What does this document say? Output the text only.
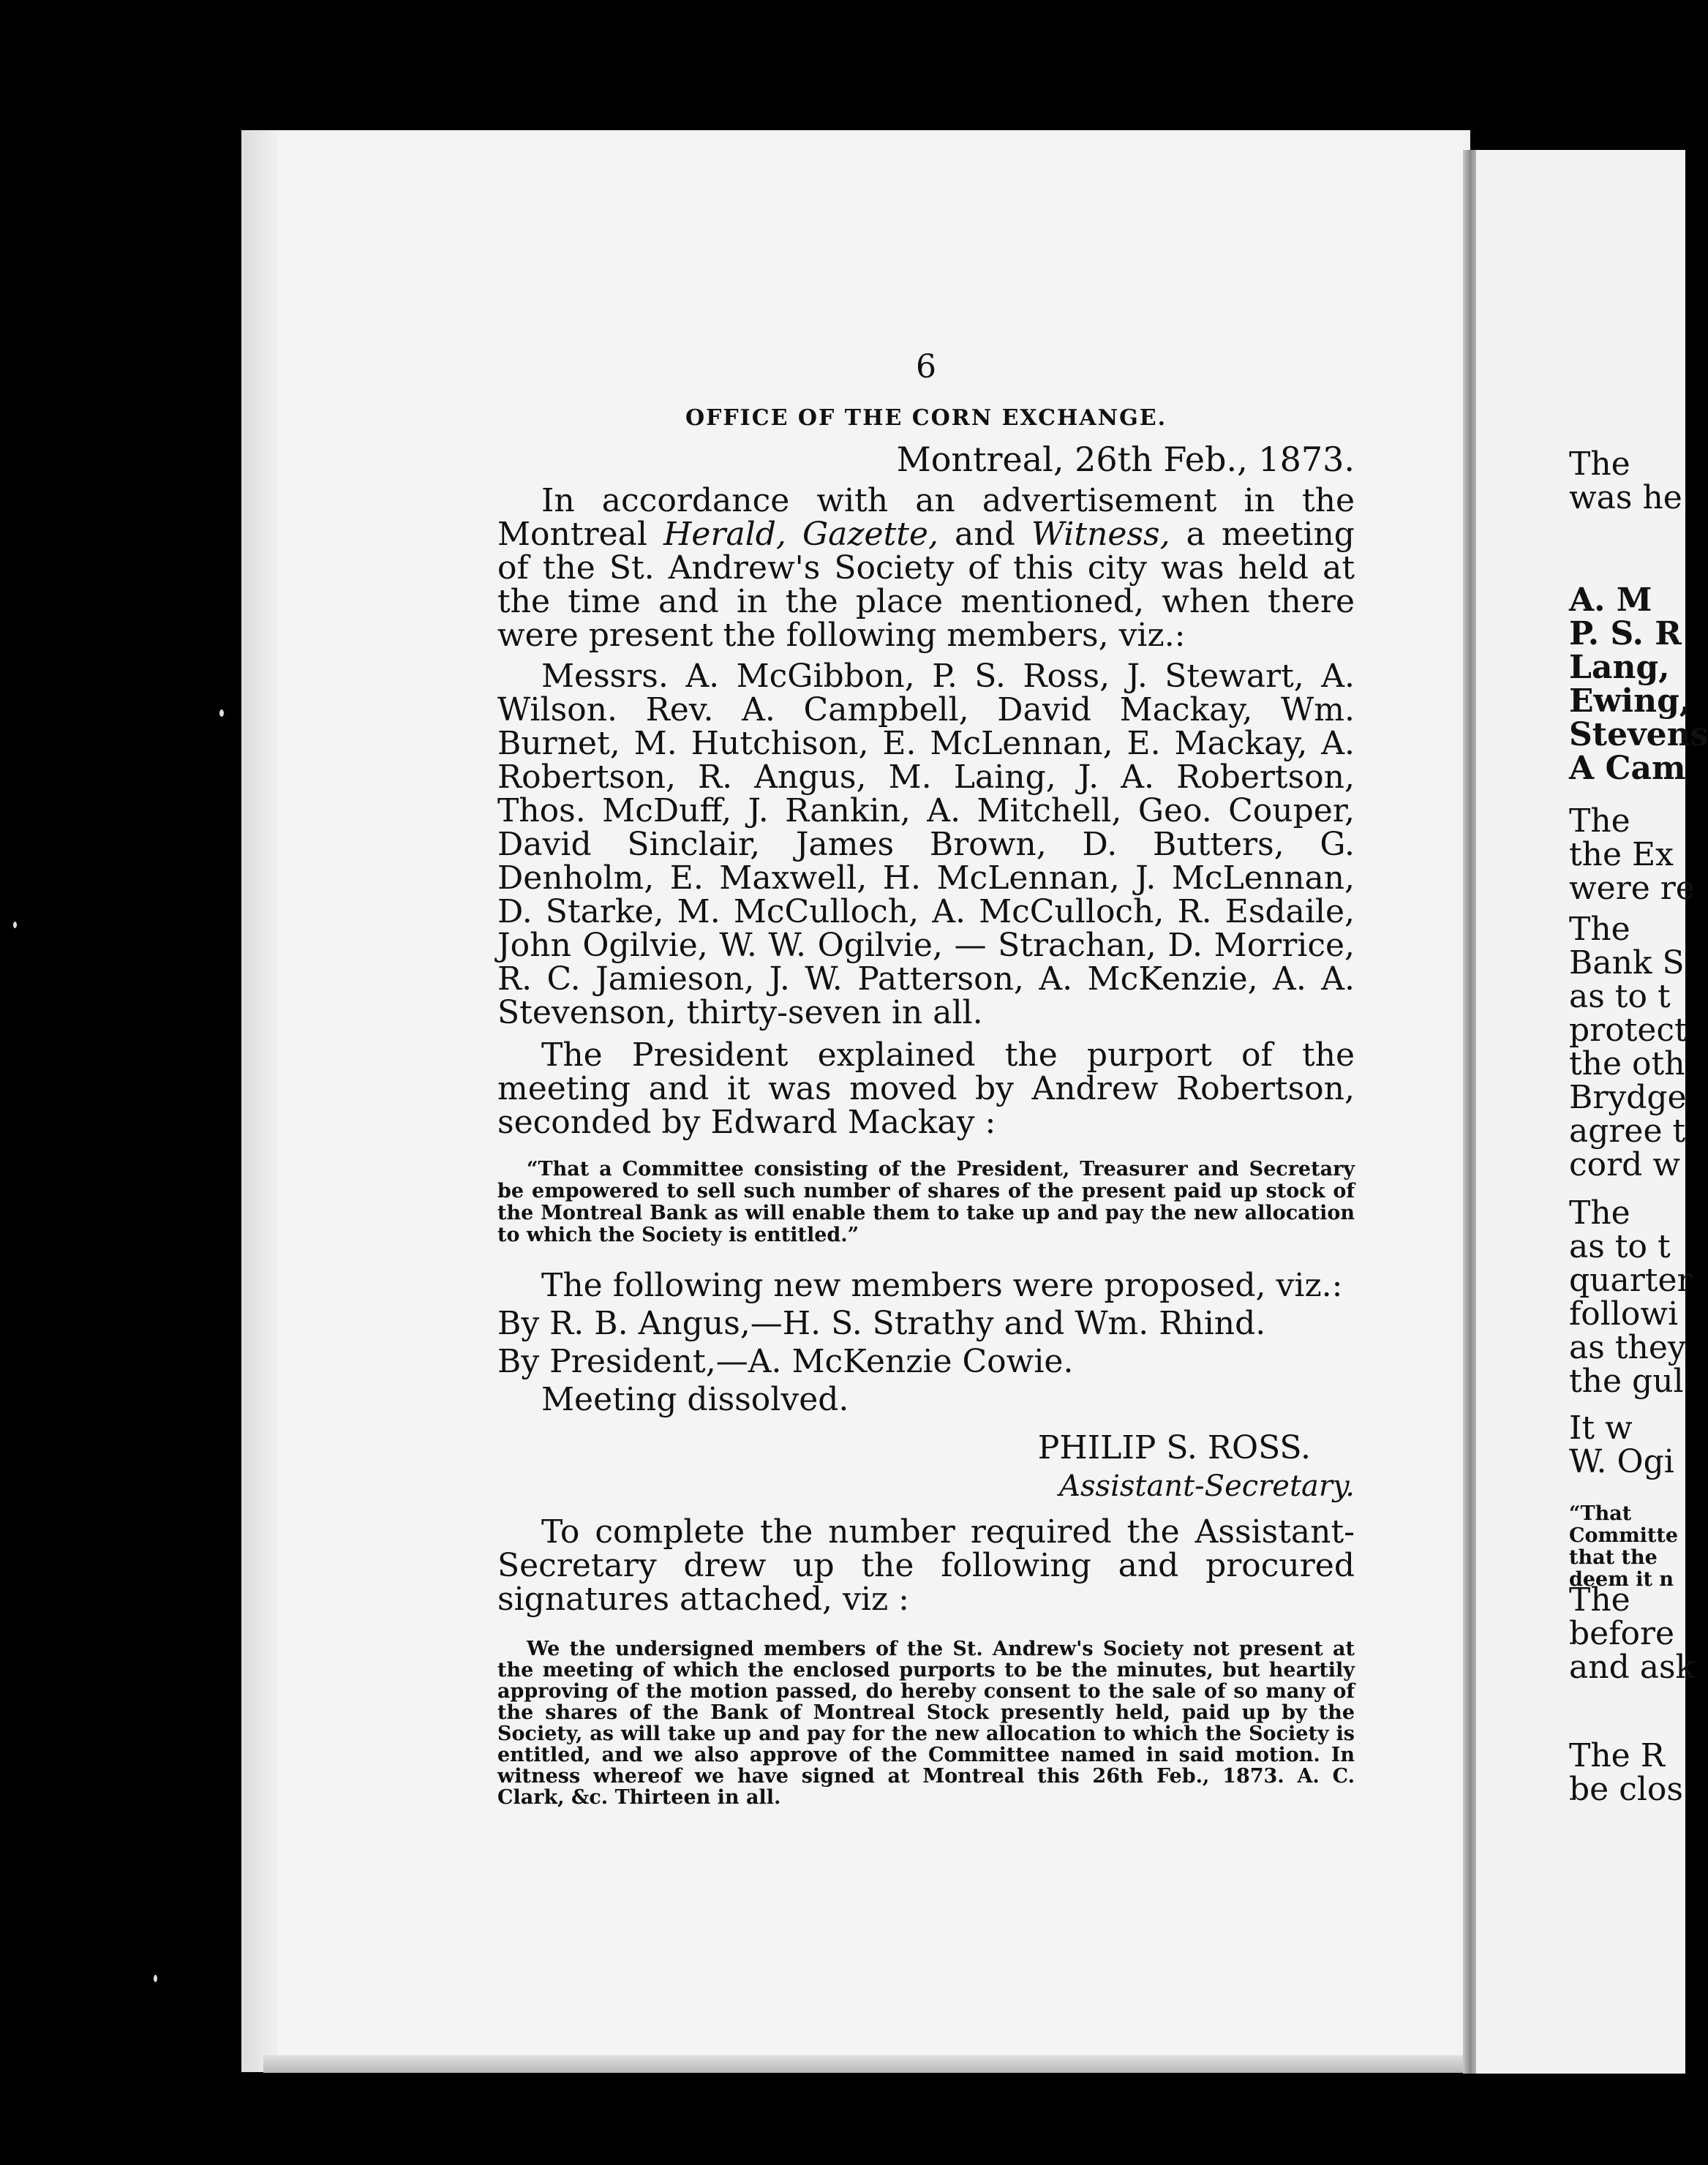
6

OFFICE OF THE CORN EXCHANGE.

Montreal, 26th Feb., 1873.

In accordance with an advertisement in the Montreal Herald, Gazette, and Witness, a meeting of the St. Andrew's Society of this city was held at the time and in the place mentioned, when there were present the following members, viz.:

Messrs. A. McGibbon, P. S. Ross, J. Stewart, A. Wilson. Rev. A. Campbell, David Mackay, Wm. Burnet, M. Hutchison, E. McLennan, E. Mackay, A. Robertson, R. Angus, M. Laing, J. A. Robertson, Thos. McDuff, J. Rankin, A. Mitchell, Geo. Couper, David Sinclair, James Brown, D. Butters, G. Denholm, E. Maxwell, H. McLennan, J. McLennan, D. Starke, M. McCulloch, A. McCulloch, R. Esdaile, John Ogilvie, W. W. Ogilvie, — Strachan, D. Morrice, R. C. Jamieson, J. W. Patterson, A. McKenzie, A. A. Stevenson, thirty-seven in all.

The President explained the purport of the meeting and it was moved by Andrew Robertson, seconded by Edward Mackay :

“That a Committee consisting of the President, Treasurer and Secretary be empowered to sell such number of shares of the present paid up stock of the Montreal Bank as will enable them to take up and pay the new allocation to which the Society is entitled.”

The following new members were proposed, viz.:

By R. B. Angus,—H. S. Strathy and Wm. Rhind.

By President,—A. McKenzie Cowie.

Meeting dissolved.

PHILIP S. ROSS.

Assistant-Secretary.

To complete the number required the Assistant-Secretary drew up the following and procured signatures attached, viz :

We the undersigned members of the St. Andrew's Society not present at the meeting of which the enclosed purports to be the minutes, but heartily approving of the motion passed, do hereby consent to the sale of so many of the shares of the Bank of Montreal Stock presently held, paid up by the Society, as will take up and pay for the new allocation to which the Society is entitled, and we also approve of the Committee named in said motion. In witness whereof we have signed at Montreal this 26th Feb., 1873. A. C. Clark, &c. Thirteen in all.

The
was he
A. M
P. S. R
Lang,
Ewing,
Stevens
A Cam
The
the Ex
were re
The
Bank S
as to t
protect
the oth
Brydge
agree t
cord w
The
as to t
quarter
followi
as they
the gul
It w
W. Ogi
“That
Committe
that the
deem it n
The
before
and ask
The R
be clos
